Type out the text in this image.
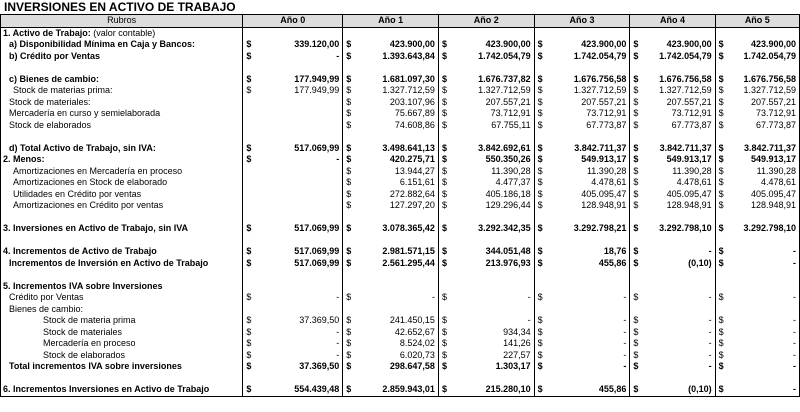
INVERSIONES EN ACTIVO DE TRABAJO
Rubros	Año 0		Año 1		Año 2		Año 3		Año 4		Año 5	
1. Activo de Trabajo: (valor contable)												
a) Disponibilidad Mínima en Caja y Bancos:	$	339.120,00	$	423.900,00	$	423.900,00	$	423.900,00	$	423.900,00	$	423.900,00
b) Crédito por Ventas	$	-	$	1.393.643,84	$	1.742.054,79	$	1.742.054,79	$	1.742.054,79	$	1.742.054,79

c) Bienes de cambio:	$	177.949,99	$	1.681.097,30	$	1.676.737,82	$	1.676.756,58	$	1.676.756,58	$	1.676.756,58
Stock de materias prima:	$	177.949,99	$	1.327.712,59	$	1.327.712,59	$	1.327.712,59	$	1.327.712,59	$	1.327.712,59
Stock de materiales:			$	203.107,96	$	207.557,21	$	207.557,21	$	207.557,21	$	207.557,21
Mercadería en curso y semielaborada			$	75.667,89	$	73.712,91	$	73.712,91	$	73.712,91	$	73.712,91
Stock de elaborados			$	74.608,86	$	67.755,11	$	67.773,87	$	67.773,87	$	67.773,87

d) Total Activo de Trabajo, sin IVA:	$	517.069,99	$	3.498.641,13	$	3.842.692,61	$	3.842.711,37	$	3.842.711,37	$	3.842.711,37
2. Menos:	$	-	$	420.275,71	$	550.350,26	$	549.913,17	$	549.913,17	$	549.913,17
Amortizaciones en Mercadería en proceso			$	13.944,27	$	11.390,28	$	11.390,28	$	11.390,28	$	11.390,28
Amortizaciones en Stock de elaborado			$	6.151,61	$	4.477,37	$	4.478,61	$	4.478,61	$	4.478,61
Utilidades en Crédito por ventas			$	272.882,64	$	405.186,18	$	405.095,47	$	405.095,47	$	405.095,47
Amortizaciones en Crédito por ventas			$	127.297,20	$	129.296,44	$	128.948,91	$	128.948,91	$	128.948,91

3. Inversiones en Activo de Trabajo, sin IVA	$	517.069,99	$	3.078.365,42	$	3.292.342,35	$	3.292.798,21	$	3.292.798,10	$	3.292.798,10

4. Incrementos de Activo de Trabajo	$	517.069,99	$	2.981.571,15	$	344.051,48	$	18,76	$	-	$	-
Incrementos de Inversión en Activo de Trabajo	$	517.069,99	$	2.561.295,44	$	213.976,93	$	455,86	$	(0,10)	$	-

5. Incrementos IVA sobre Inversiones												
Crédito por Ventas	$	-	$	-	$	-	$	-	$	-	$	-
Bienes de cambio:												
Stock de materia prima	$	37.369,50	$	241.450,15	$	-	$	-	$	-	$	-
Stock de materiales	$	-	$	42.652,67	$	934,34	$	-	$	-	$	-
Mercadería en proceso	$	-	$	8.524,02	$	141,26	$	-	$	-	$	-
Stock de elaborados	$	-	$	6.020,73	$	227,57	$	-	$	-	$	-
Total incrementos IVA sobre inversiones	$	37.369,50	$	298.647,58	$	1.303,17	$	-	$	-	$	-

6. Incrementos Inversiones en Activo de Trabajo	$	554.439,48	$	2.859.943,01	$	215.280,10	$	455,86	$	(0,10)	$	-
